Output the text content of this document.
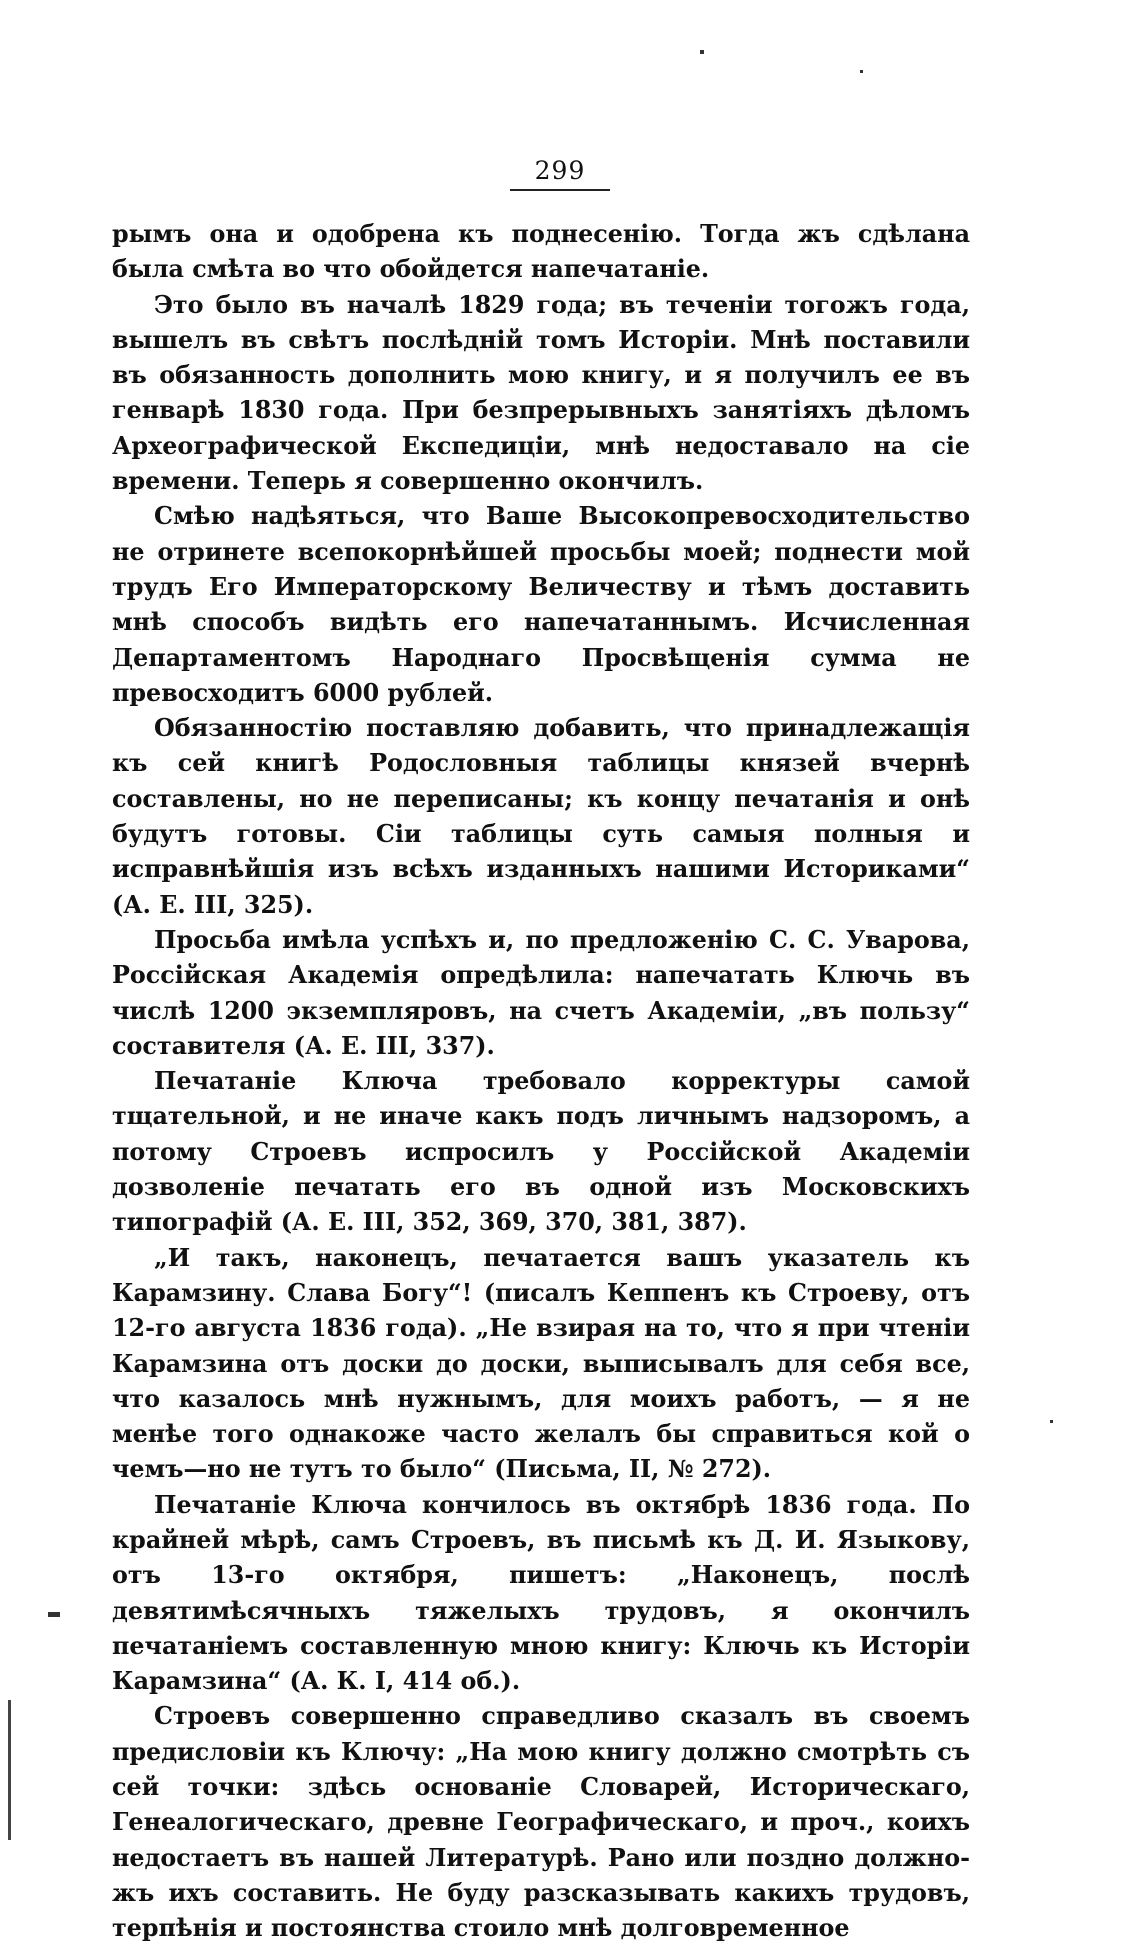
299

рымъ она и одобрена къ поднесенію. Тогда жъ сдѣлана была смѣта во что обойдется напечатаніе.

Это было въ началѣ 1829 года; въ теченіи тогожъ года, вышелъ въ свѣтъ послѣдній томъ Исторіи. Мнѣ поставили въ обязанность дополнить мою книгу, и я получилъ ее въ генварѣ 1830 года. При безпрерывныхъ занятіяхъ дѣломъ Археографической Експедиціи, мнѣ недоставало на сіе времени. Теперь я совершенно окончилъ.

Смѣю надѣяться, что Ваше Высокопревосходительство не отринете всепокорнѣйшей просьбы моей; поднести мой трудъ Его Императорскому Величеству и тѣмъ доставить мнѣ способъ видѣть его напечатаннымъ. Исчисленная Департаментомъ Народнаго Просвѣщенія сумма не превосходитъ 6000 рублей.

Обязанностію поставляю добавить, что принадлежащія къ сей книгѣ Родословныя таблицы князей вчернѣ составлены, но не переписаны; къ концу печатанія и онѣ будутъ готовы. Сіи таблицы суть самыя полныя и исправнѣйшія изъ всѣхъ изданныхъ нашими Историками“ (А. Е. III, 325).

Просьба имѣла успѣхъ и, по предложенію С. С. Уварова, Россійская Академія опредѣлила: напечатать Ключь въ числѣ 1200 экземпляровъ, на счетъ Академіи, „въ пользу“ составителя (А. Е. III, 337).

Печатаніе Ключа требовало корректуры самой тщательной, и не иначе какъ подъ личнымъ надзоромъ, а потому Строевъ испросилъ у Россійской Академіи дозволеніе печатать его въ одной изъ Московскихъ типографій (А. Е. III, 352, 369, 370, 381, 387).

„И такъ, наконецъ, печатается вашъ указатель къ Карамзину. Слава Богу“! (писалъ Кеппенъ къ Строеву, отъ 12-го августа 1836 года). „Не взирая на то, что я при чтеніи Карамзина отъ доски до доски, выписывалъ для себя все, что казалось мнѣ нужнымъ, для моихъ работъ, — я не менѣе того однакоже часто желалъ бы справиться кой о чемъ—но не тутъ то было“ (Письма, II, № 272).

Печатаніе Ключа кончилось въ октябрѣ 1836 года. По крайней мѣрѣ, самъ Строевъ, въ письмѣ къ Д. И. Языкову, отъ 13-го октября, пишетъ: „Наконецъ, послѣ девятимѣсячныхъ тяжелыхъ трудовъ, я окончилъ печатаніемъ составленную мною книгу: Ключь къ Исторіи Карамзина“ (А. К. I, 414 об.).

Строевъ совершенно справедливо сказалъ въ своемъ предисловіи къ Ключу: „На мою книгу должно смотрѣть съ сей точки: здѣсь основаніе Словарей, Историческаго, Генеалогическаго, древне Географическаго, и проч., коихъ недостаетъ въ нашей Литературѣ. Рано или поздно должно-жъ ихъ составить. Не буду разсказывать какихъ трудовъ, терпѣнія и постоянства стоило мнѣ долговременное
